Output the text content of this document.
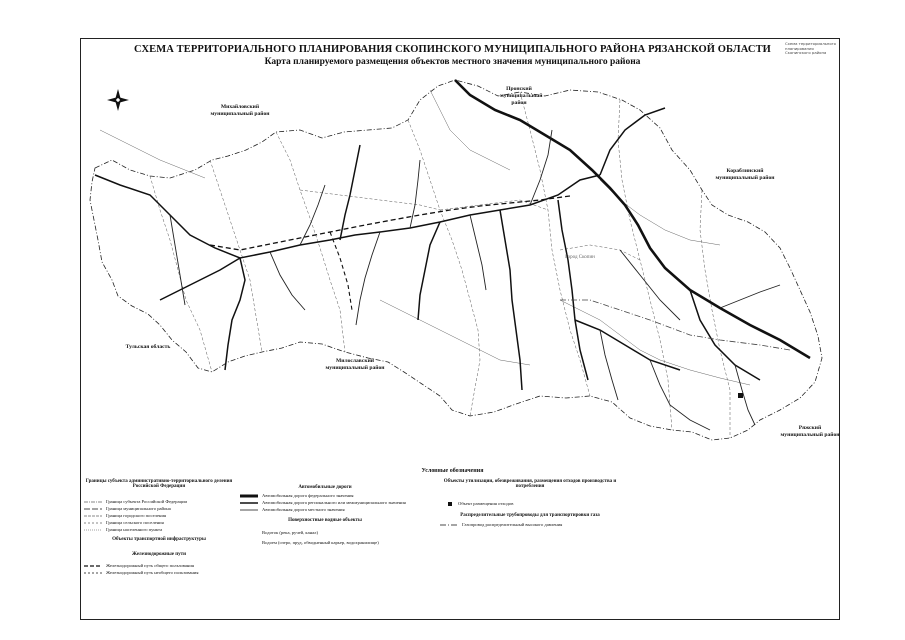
СХЕМА ТЕРРИТОРИАЛЬНОГО ПЛАНИРОВАНИЯ СКОПИНСКОГО МУНИЦИПАЛЬНОГО РАЙОНА РЯЗАНСКОЙ ОБЛАСТИ
Карта планируемого размещения объектов местного значения муниципального района
Схема территориального
планирования
Скопинского района
Михайловский муниципальный район
Пронский муниципальный район
Кораблинский муниципальный район
Тульская область
Милославский муниципальный район
Ряжский муниципальный район
Город Скопин
Условные обозначения
Границы субъекта административно-территориального деления Российской Федерации
Граница субъекта Российской Федерации
Граница муниципального района
Граница городского поселения
Граница сельского поселения
Граница населенного пункта
Объекты транспортной инфраструктуры
Железнодорожные пути
Железнодорожный путь общего пользования
Железнодорожный путь необщего пользования
Автомобильные дороги
Автомобильная дорога федерального значения
Автомобильная дорога регионального или межмуниципального значения
Автомобильная дорога местного значения
Поверхностные водные объекты
Водоток (река, ручей, канал)
Водоем (озеро, пруд, обводненный карьер, водохранилище)
Объекты утилизации, обезвреживания, размещения отходов производства и потребления
Объект размещения отходов
Распределительные трубопроводы для транспортировки газа
Газопровод распределительный высокого давления
